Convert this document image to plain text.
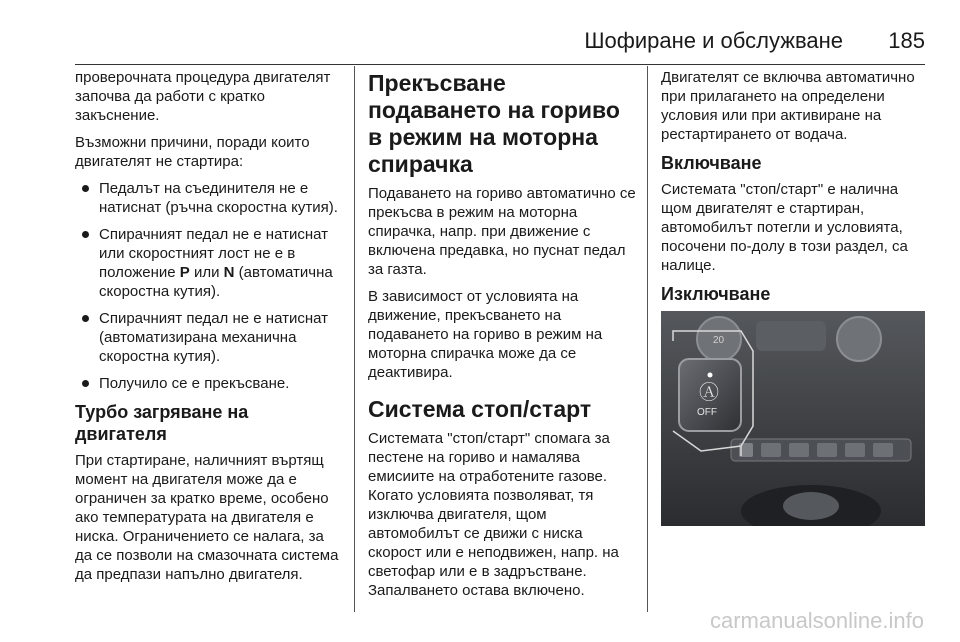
Шофиране и обслужване 185

проверочната процедура двигателят започва да работи с кратко закъснение.

Възможни причини, поради които двигателят не стартира:

Педалът на съединителя не е натиснат (ръчна скоростна кутия).
Спирачният педал не е натиснат или скоростният лост не е в положение P или N (автоматична скоростна кутия).
Спирачният педал не е натиснат (автоматизирана механична скоростна кутия).
Получило се е прекъсване.
Турбо загряване на двигателя

При стартиране, наличният въртящ момент на двигателя може да е ограничен за кратко време, особено ако температурата на двигателя е ниска. Ограничението се налага, за да се позволи на смазочната система да предпази напълно двигателя.

Прекъсване подаването на гориво в режим на моторна спирачка

Подаването на гориво автоматично се прекъсва в режим на моторна спирачка, напр. при движение с включена предавка, но пуснат педал за газта.

В зависимост от условията на движение, прекъсването на подаването на гориво в режим на моторна спирачка може да се деактивира.

Система стоп/старт

Системата "стоп/старт" спомага за пестене на гориво и намалява емисиите на отработените газове. Когато условията позволяват, тя изключва двигателя, щом автомобилът се движи с ниска скорост или е неподвижен, напр. на светофар или е в задръстване. Запалването остава включено.

Двигателят се включва автоматично при прилагането на определени условия или при активиране на рестартирането от водача.

Включване

Системата "стоп/старт" е налична щом двигателят е стартиран, автомобилът потегли и условията, посочени по-долу в този раздел, са налице.

Изключване
20
Ⓐ
OFF
carmanualsonline.info
